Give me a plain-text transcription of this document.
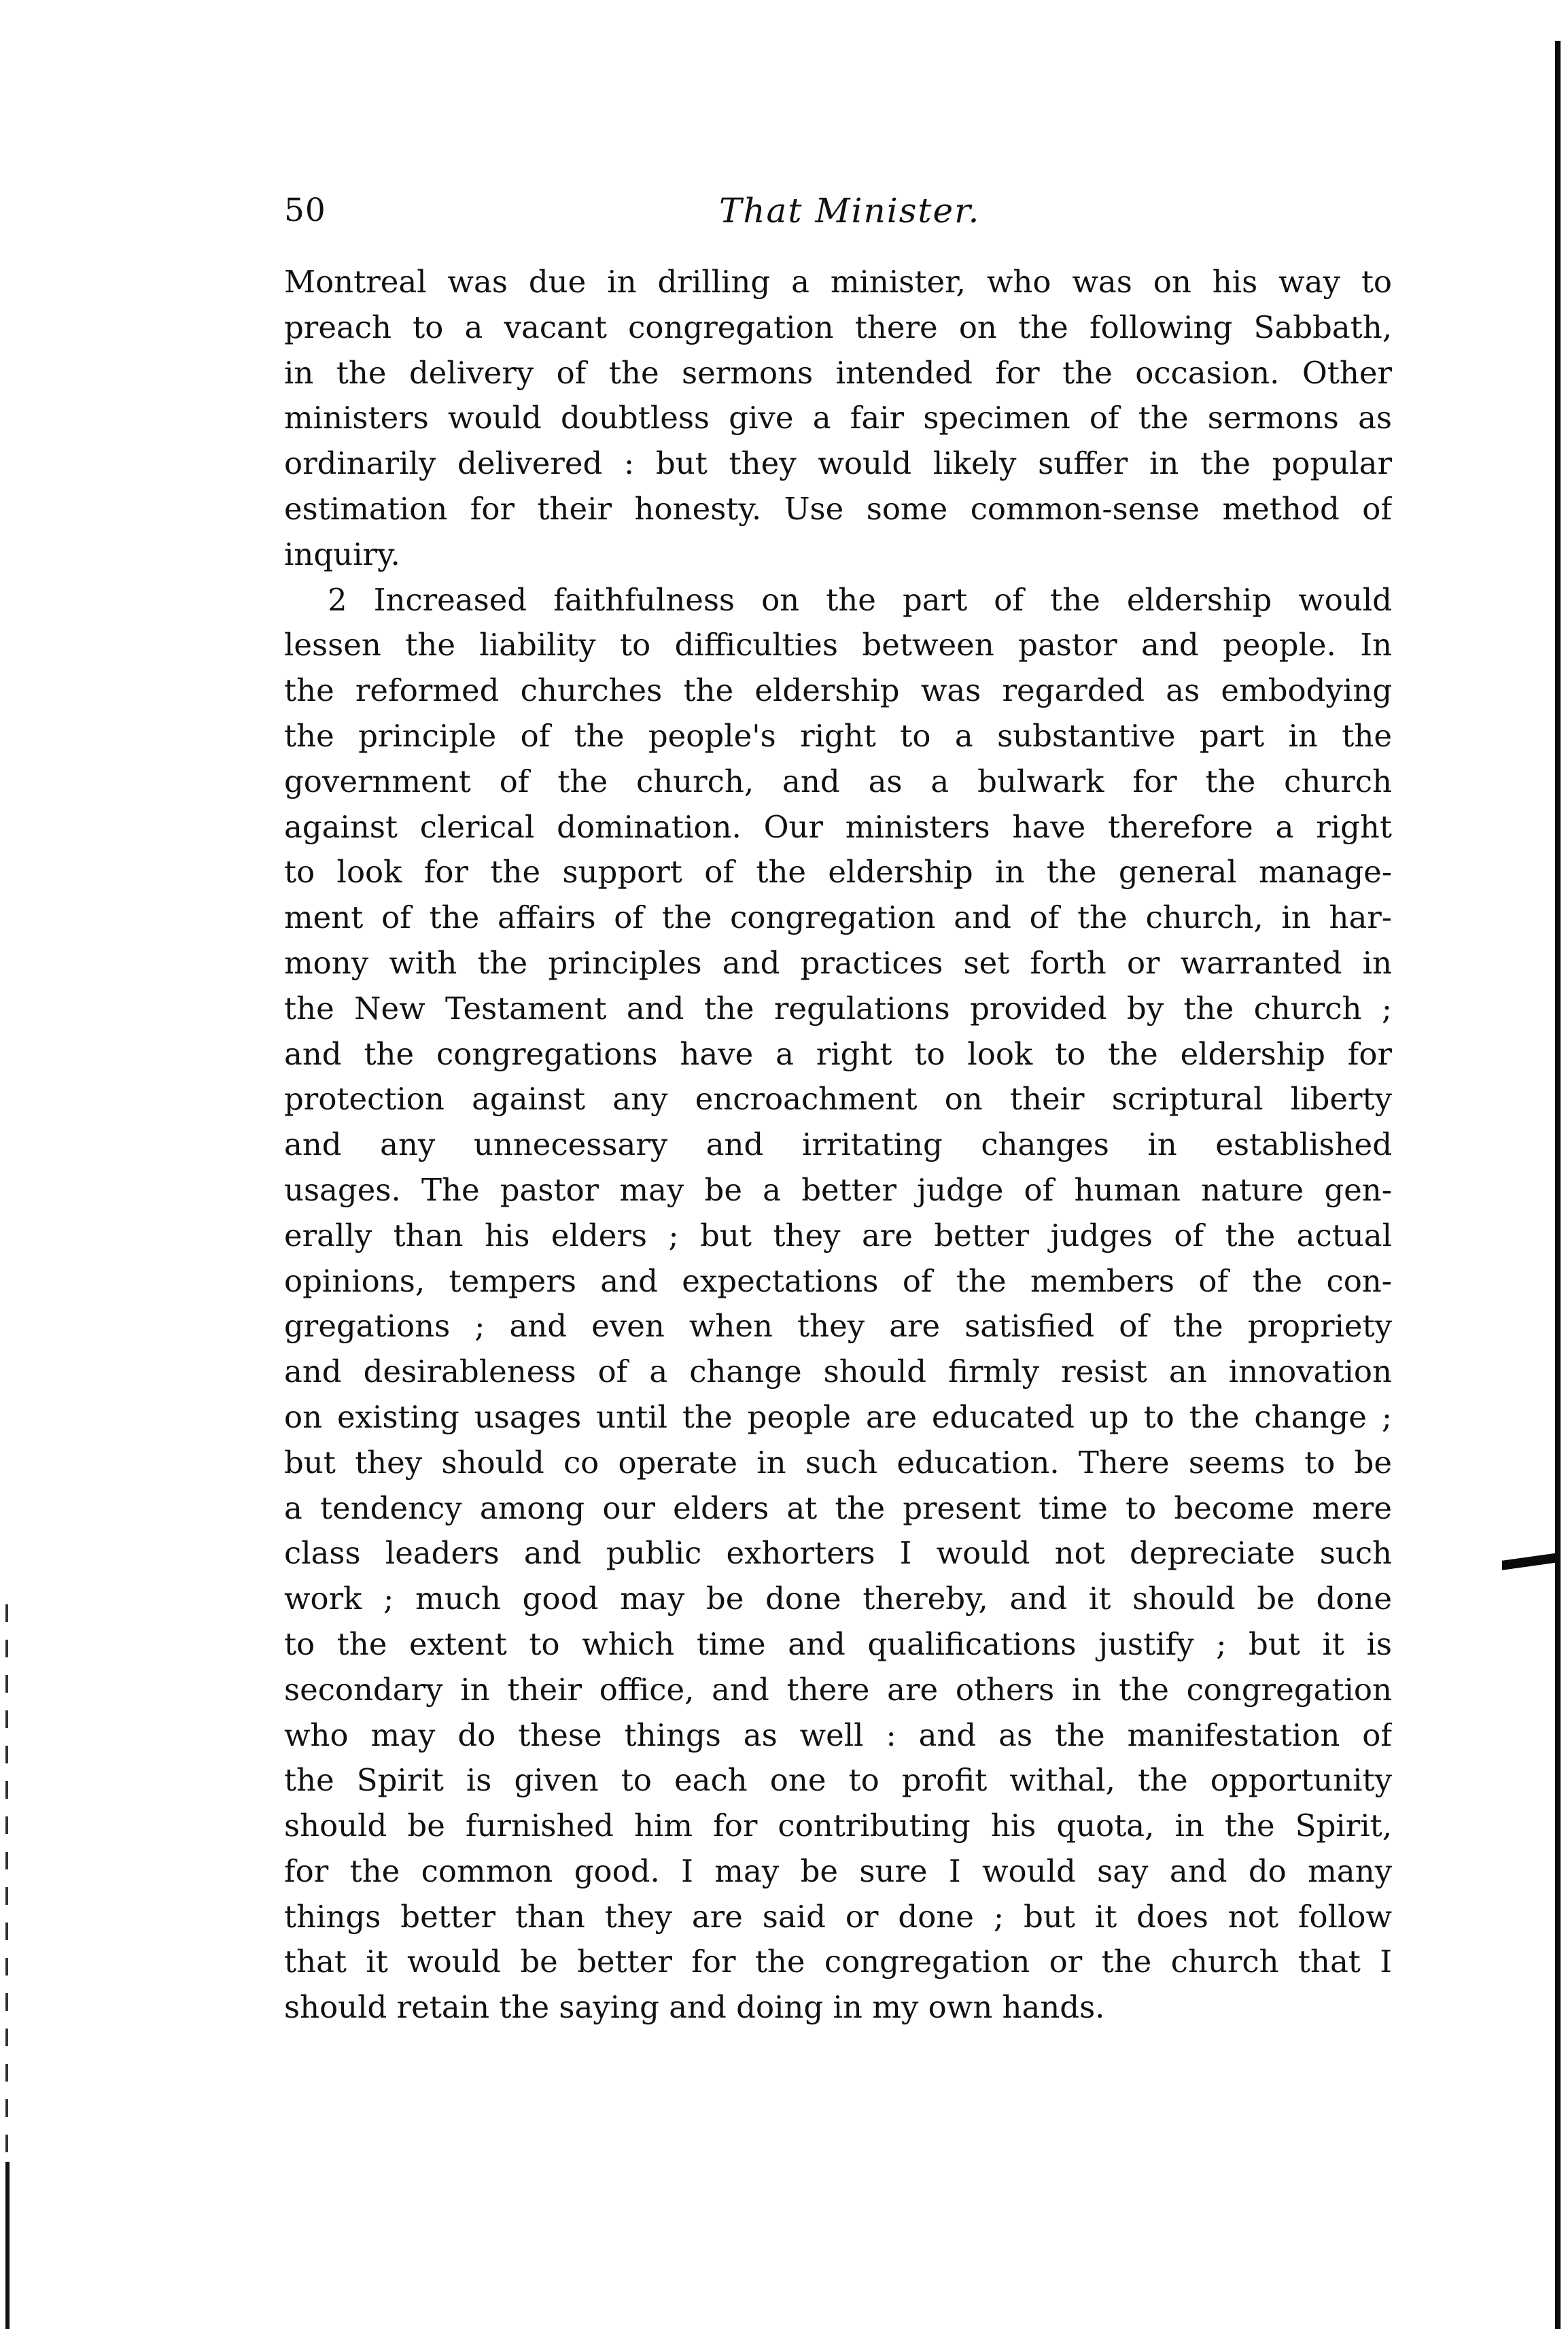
50	That Minister.
Montreal was due in drilling a minister, who was on his way to
preach to a vacant congregation there on the following Sabbath,
in the delivery of the sermons intended for the occasion. Other
ministers would doubtless give a fair specimen of the sermons as
ordinarily delivered : but they would likely suffer in the popular
estimation for their honesty. Use some common-sense method of
inquiry.
2 Increased faithfulness on the part of the eldership would
lessen the liability to difficulties between pastor and people. In
the reformed churches the eldership was regarded as embodying
the principle of the people's right to a substantive part in the
government of the church, and as a bulwark for the church
against clerical domination. Our ministers have therefore a right
to look for the support of the eldership in the general manage-
ment of the affairs of the congregation and of the church, in har-
mony with the principles and practices set forth or warranted in
the New Testament and the regulations provided by the church ;
and the congregations have a right to look to the eldership for
protection against any encroachment on their scriptural liberty
and any unnecessary and irritating changes in established
usages. The pastor may be a better judge of human nature gen-
erally than his elders ; but they are better judges of the actual
opinions, tempers and expectations of the members of the con-
gregations ; and even when they are satisfied of the propriety
and desirableness of a change should firmly resist an innovation
on existing usages until the people are educated up to the change ;
but they should co operate in such education. There seems to be
a tendency among our elders at the present time to become mere
class leaders and public exhorters I would not depreciate such
work ; much good may be done thereby, and it should be done
to the extent to which time and qualifications justify ; but it is
secondary in their office, and there are others in the congregation
who may do these things as well : and as the manifestation of
the Spirit is given to each one to profit withal, the opportunity
should be furnished him for contributing his quota, in the Spirit,
for the common good. I may be sure I would say and do many
things better than they are said or done ; but it does not follow
that it would be better for the congregation or the church that I
should retain the saying and doing in my own hands.
